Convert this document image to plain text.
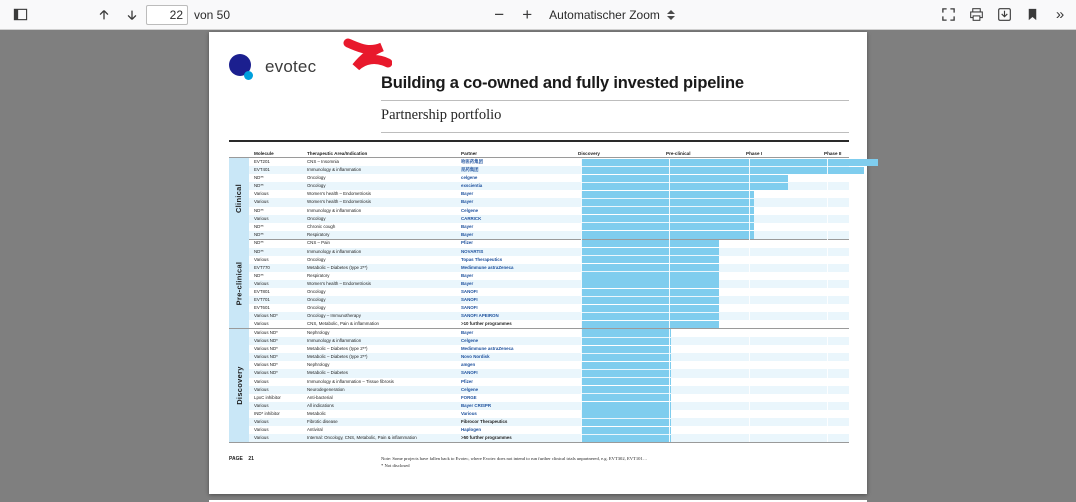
22
von 50	−	+	Automatischer Zoom	»
evotec
Building a co-owned and fully invested pipeline
Partnership portfolio
Molecule	Therapeutic Area/Indication	Partner	Discovery	Pre-clinical	Phase I	Phase II
Clinical
EVT201	CNS – Insomnia	哈医药集团
EVT401	Immunology & inflammation	昆药集团
ND**	Oncology	celgene
ND**	Oncology	exscientia
Various	Women's health – Endometriosis	Bayer
Various	Women's health – Endometriosis	Bayer
ND**	Immunology & inflammation	Celgene
Various	Oncology	CARRICK
ND**	Chronic cough	Bayer
ND**	Respiratory	Bayer
Pre-clinical
ND**	CNS – Pain	Pfizer
ND**	Immunology & inflammation	NOVARTIS
Various	Oncology	Topas Therapeutics
EVT770	Metabolic – Diabetes (type 2**)	Medimmune astraZeneca
ND**	Respiratory	Bayer
Various	Women's health – Endometriosis	Bayer
EVT801	Oncology	SANOFI
EVT701	Oncology	SANOFI
EVT601	Oncology	SANOFI
Various ND*	Oncology – Immunotherapy	SANOFI APEIRON
Various	CNS, Metabolic, Pain & inflammation	>10 further programmes
Discovery
Various ND*	Nephrology	Bayer
Various ND*	Immunology & inflammation	Celgene
Various ND*	Metabolic – Diabetes (type 2**)	Medimmune astraZeneca
Various ND*	Metabolic – Diabetes (type 2**)	Novo Nordisk
Various ND*	Nephrology	amgen
Various ND*	Metabolic – Diabetes	SANOFI
Various	Immunology & inflammation – Tissue fibrosis	Pfizer
Various	Neurodegeneration	Celgene
LpxC inhibitor	Anti-bacterial	FORGE
Various	All indications	Bayer CRISPR
IND* inhibitor	Metabolic	Various
Various	Fibrotic disease	Fibrocor Therapeutics
Various	Antiviral	Haplogen
Various	Internal: Oncology, CNS, Metabolic, Pain & inflammation	>50 further programmes
PAGE 21	Note: Some projects have fallen back to Evotec, where Evotec does not intend to run further clinical trials unpartnered, e.g. EVT302, EVT101…
* Not disclosed
